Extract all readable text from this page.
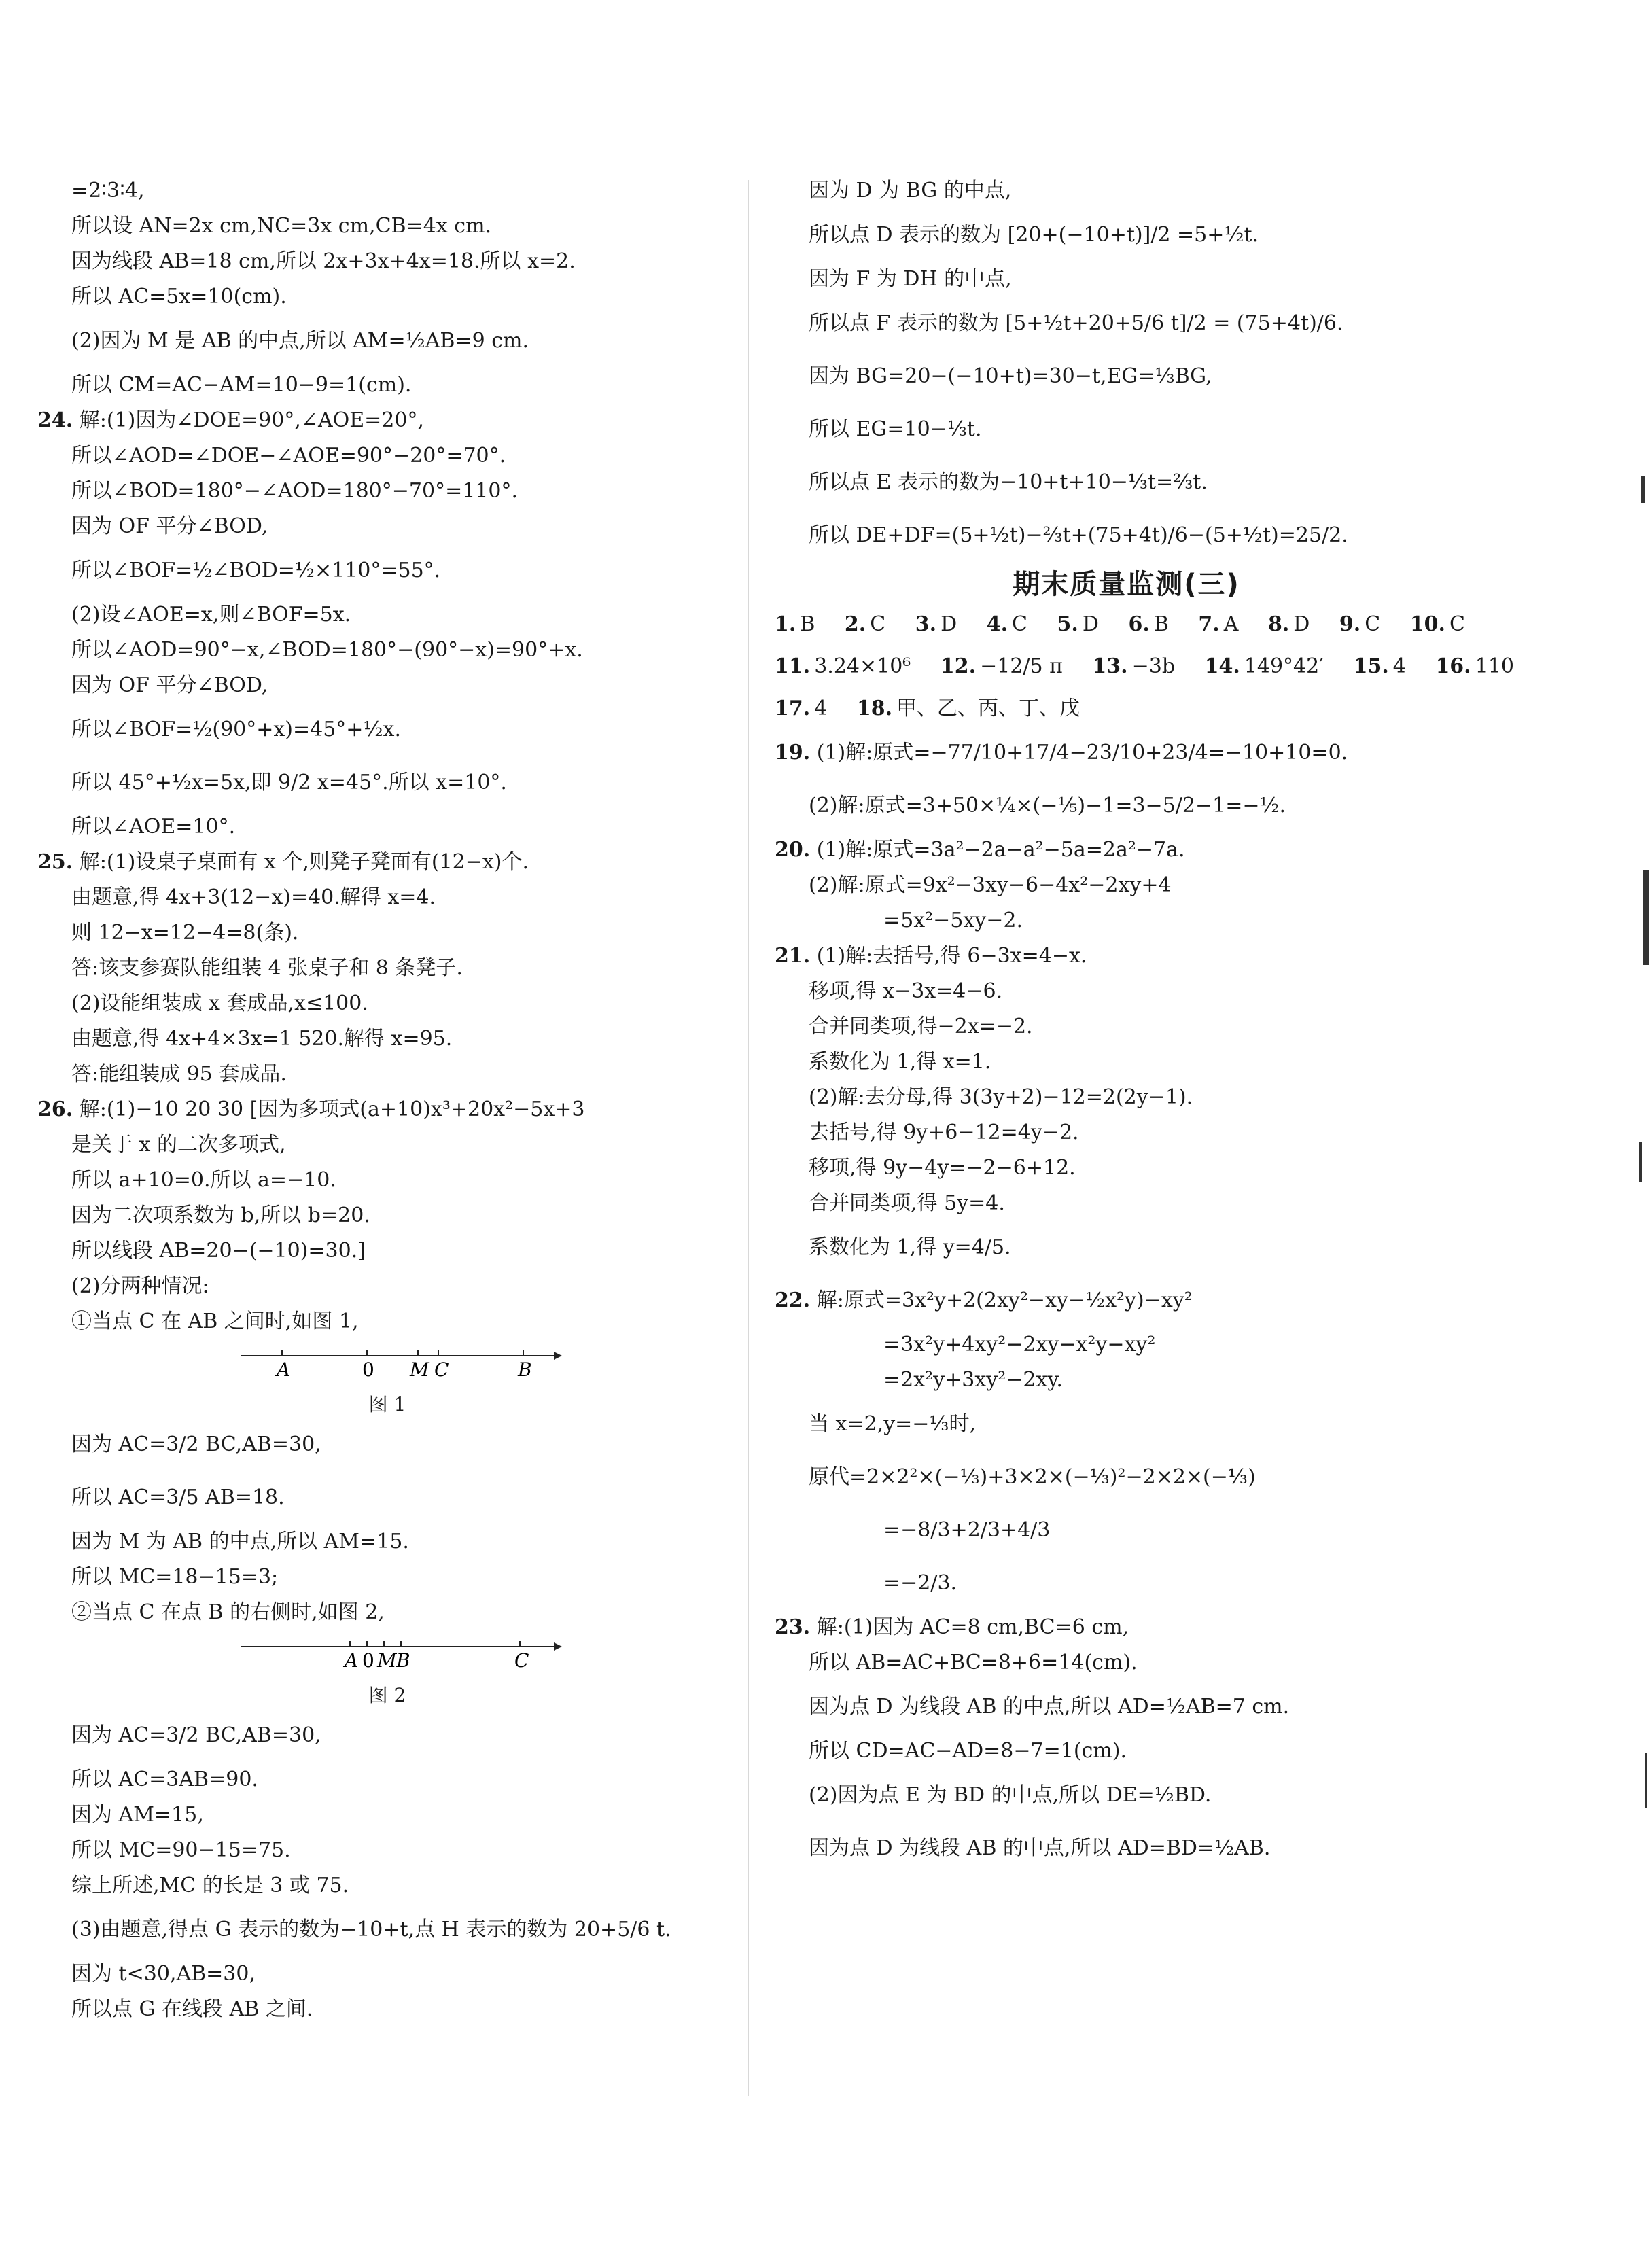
=2∶3∶4,
所以设 AN=2x cm,NC=3x cm,CB=4x cm.
因为线段 AB=18 cm,所以 2x+3x+4x=18.所以 x=2.
所以 AC=5x=10(cm).
(2)因为 M 是 AB 的中点,所以 AM=½AB=9 cm.
所以 CM=AC−AM=10−9=1(cm).
24. 解:(1)因为∠DOE=90°,∠AOE=20°,
所以∠AOD=∠DOE−∠AOE=90°−20°=70°.
所以∠BOD=180°−∠AOD=180°−70°=110°.
因为 OF 平分∠BOD,
所以∠BOF=½∠BOD=½×110°=55°.
(2)设∠AOE=x,则∠BOF=5x.
所以∠AOD=90°−x,∠BOD=180°−(90°−x)=90°+x.
因为 OF 平分∠BOD,
所以∠BOF=½(90°+x)=45°+½x.
所以 45°+½x=5x,即 9/2 x=45°.所以 x=10°.
所以∠AOE=10°.
25. 解:(1)设桌子桌面有 x 个,则凳子凳面有(12−x)个.
由题意,得 4x+3(12−x)=40.解得 x=4.
则 12−x=12−4=8(条).
答:该支参赛队能组装 4 张桌子和 8 条凳子.
(2)设能组装成 x 套成品,x≤100.
由题意,得 4x+4×3x=1 520.解得 x=95.
答:能组装成 95 套成品.
26. 解:(1)−10 20 30 [因为多项式(a+10)x³+20x²−5x+3
是关于 x 的二次多项式,
所以 a+10=0.所以 a=−10.
因为二次项系数为 b,所以 b=20.
所以线段 AB=20−(−10)=30.]
(2)分两种情况:
①当点 C 在 AB 之间时,如图 1,
A	0 M C	B
图 1
因为 AC=3/2 BC,AB=30,
所以 AC=3/5 AB=18.
因为 M 为 AB 的中点,所以 AM=15.
所以 MC=18−15=3;
②当点 C 在点 B 的右侧时,如图 2,
A 0 M B	C
图 2
因为 AC=3/2 BC,AB=30,
所以 AC=3AB=90.
因为 AM=15,
所以 MC=90−15=75.
综上所述,MC 的长是 3 或 75.
(3)由题意,得点 G 表示的数为−10+t,点 H 表示的数为 20+5/6 t.
因为 t<30,AB=30,
所以点 G 在线段 AB 之间.
因为 D 为 BG 的中点,
所以点 D 表示的数为 [20+(−10+t)]/2 =5+½t.
因为 F 为 DH 的中点,
所以点 F 表示的数为 [5+½t+20+5/6 t]/2 = (75+4t)/6.
因为 BG=20−(−10+t)=30−t,EG=⅓BG,
所以 EG=10−⅓t.
所以点 E 表示的数为−10+t+10−⅓t=⅔t.
所以 DE+DF=(5+½t)−⅔t+(75+4t)/6−(5+½t)=25/2.
期末质量监测(三)
1. B 2. C 3. D 4. C 5. D 6. B 7. A 8. D 9. C 10. C
11. 3.24×10⁶ 12. −12/5 π 13. −3b 14. 149°42′ 15. 4 16. 110
17. 4 18. 甲、乙、丙、丁、戊
19. (1)解:原式=−77/10+17/4−23/10+23/4=−10+10=0.
(2)解:原式=3+50×¼×(−⅕)−1=3−5/2−1=−½.
20. (1)解:原式=3a²−2a−a²−5a=2a²−7a.
(2)解:原式=9x²−3xy−6−4x²−2xy+4
=5x²−5xy−2.
21. (1)解:去括号,得 6−3x=4−x.
移项,得 x−3x=4−6.
合并同类项,得−2x=−2.
系数化为 1,得 x=1.
(2)解:去分母,得 3(3y+2)−12=2(2y−1).
去括号,得 9y+6−12=4y−2.
移项,得 9y−4y=−2−6+12.
合并同类项,得 5y=4.
系数化为 1,得 y=4/5.
22. 解:原式=3x²y+2(2xy²−xy−½x²y)−xy²
=3x²y+4xy²−2xy−x²y−xy²
=2x²y+3xy²−2xy.
当 x=2,y=−⅓时,
原代=2×2²×(−⅓)+3×2×(−⅓)²−2×2×(−⅓)
=−8/3+2/3+4/3
=−2/3.
23. 解:(1)因为 AC=8 cm,BC=6 cm,
所以 AB=AC+BC=8+6=14(cm).
因为点 D 为线段 AB 的中点,所以 AD=½AB=7 cm.
所以 CD=AC−AD=8−7=1(cm).
(2)因为点 E 为 BD 的中点,所以 DE=½BD.
因为点 D 为线段 AB 的中点,所以 AD=BD=½AB.
